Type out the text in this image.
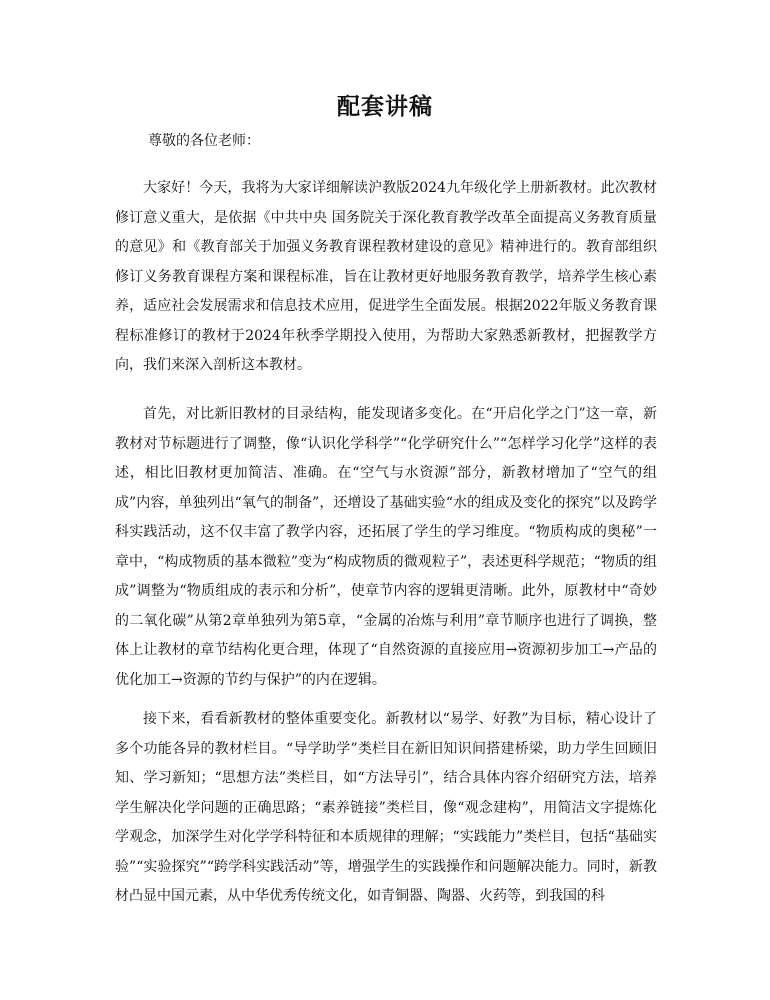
配套讲稿

尊敬的各位老师：

大家好！今天，我将为大家详细解读沪教版2024九年级化学上册新教材。此次教材修订意义重大，是依据《中共中央 国务院关于深化教育教学改革全面提高义务教育质量的意见》和《教育部关于加强义务教育课程教材建设的意见》精神进行的。教育部组织修订义务教育课程方案和课程标准，旨在让教材更好地服务教育教学，培养学生核心素养，适应社会发展需求和信息技术应用，促进学生全面发展。根据2022年版义务教育课程标准修订的教材于2024年秋季学期投入使用，为帮助大家熟悉新教材，把握教学方向，我们来深入剖析这本教材。

首先，对比新旧教材的目录结构，能发现诸多变化。在“开启化学之门”这一章，新教材对节标题进行了调整，像“认识化学科学”“化学研究什么”“怎样学习化学”这样的表述，相比旧教材更加简洁、准确。在“空气与水资源”部分，新教材增加了“空气的组成”内容，单独列出“氧气的制备”，还增设了基础实验“水的组成及变化的探究”以及跨学科实践活动，这不仅丰富了教学内容，还拓展了学生的学习维度。“物质构成的奥秘”一章中，“构成物质的基本微粒”变为“构成物质的微观粒子”，表述更科学规范；“物质的组成”调整为“物质组成的表示和分析”，使章节内容的逻辑更清晰。此外，原教材中“奇妙的二氧化碳”从第2章单独列为第5章，“金属的冶炼与利用”章节顺序也进行了调换，整体上让教材的章节结构化更合理，体现了“自然资源的直接应用→资源初步加工→产品的优化加工→资源的节约与保护”的内在逻辑。

接下来，看看新教材的整体重要变化。新教材以“易学、好教”为目标，精心设计了多个功能各异的教材栏目。“导学助学”类栏目在新旧知识间搭建桥梁，助力学生回顾旧知、学习新知；“思想方法”类栏目，如“方法导引”，结合具体内容介绍研究方法，培养学生解决化学问题的正确思路；“素养链接”类栏目，像“观念建构”，用简洁文字提炼化学观念，加深学生对化学学科特征和本质规律的理解；“实践能力”类栏目，包括“基础实验”“实验探究”“跨学科实践活动”等，增强学生的实践操作和问题解决能力。同时，新教材凸显中国元素，从中华优秀传统文化，如青铜器、陶器、火药等，到我国的科
